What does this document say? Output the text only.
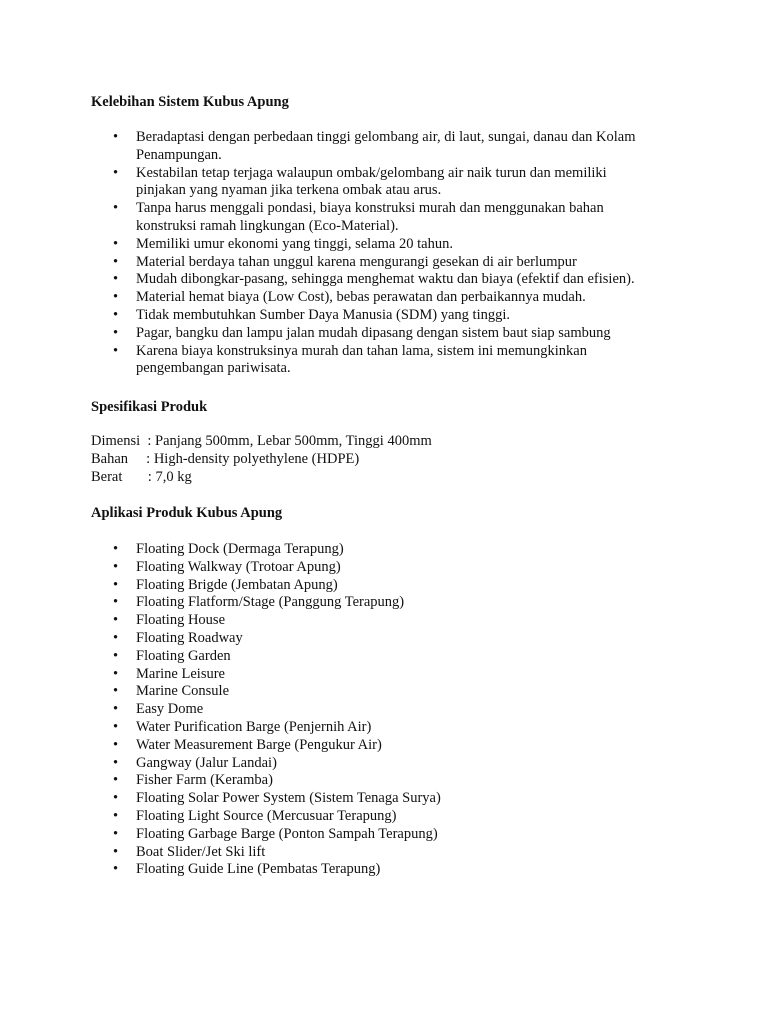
Kelebihan Sistem Kubus Apung
• Beradaptasi dengan perbedaan tinggi gelombang air, di laut, sungai, danau dan Kolam Penampungan.
• Kestabilan tetap terjaga walaupun ombak/gelombang air naik turun dan memiliki pinjakan yang nyaman jika terkena ombak atau arus.
• Tanpa harus menggali pondasi, biaya konstruksi murah dan menggunakan bahan konstruksi ramah lingkungan (Eco-Material).
• Memiliki umur ekonomi yang tinggi, selama 20 tahun.
• Material berdaya tahan unggul karena mengurangi gesekan di air berlumpur
• Mudah dibongkar-pasang, sehingga menghemat waktu dan biaya (efektif dan efisien).
• Material hemat biaya (Low Cost), bebas perawatan dan perbaikannya mudah.
• Tidak membutuhkan Sumber Daya Manusia (SDM) yang tinggi.
• Pagar, bangku dan lampu jalan mudah dipasang dengan sistem baut siap sambung
• Karena biaya konstruksinya murah dan tahan lama, sistem ini memungkinkan pengembangan pariwisata.
Spesifikasi Produk
Dimensi : Panjang 500mm, Lebar 500mm, Tinggi 400mm
Bahan : High-density polyethylene (HDPE)
Berat : 7,0 kg
Aplikasi Produk Kubus Apung
• Floating Dock (Dermaga Terapung)
• Floating Walkway (Trotoar Apung)
• Floating Brigde (Jembatan Apung)
• Floating Flatform/Stage (Panggung Terapung)
• Floating House
• Floating Roadway
• Floating Garden
• Marine Leisure
• Marine Consule
• Easy Dome
• Water Purification Barge (Penjernih Air)
• Water Measurement Barge (Pengukur Air)
• Gangway (Jalur Landai)
• Fisher Farm (Keramba)
• Floating Solar Power System (Sistem Tenaga Surya)
• Floating Light Source (Mercusuar Terapung)
• Floating Garbage Barge (Ponton Sampah Terapung)
• Boat Slider/Jet Ski lift
• Floating Guide Line (Pembatas Terapung)
